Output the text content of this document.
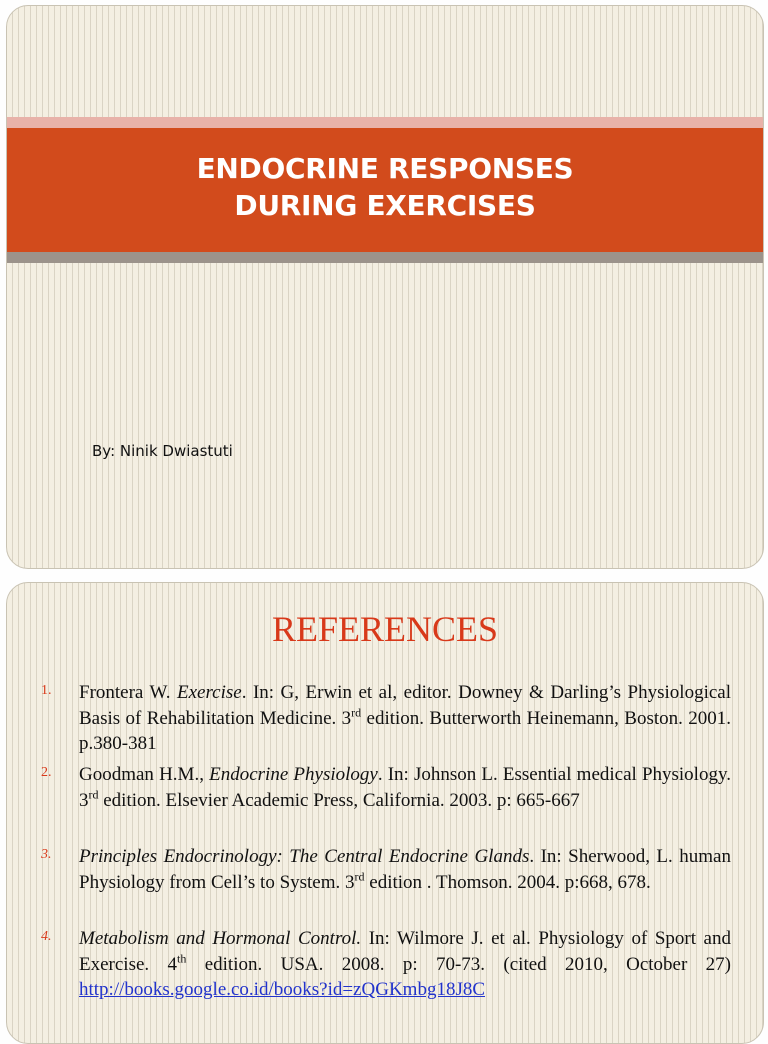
ENDOCRINE RESPONSES
DURING EXERCISES
By: Ninik Dwiastuti
REFERENCES
1. Frontera W. Exercise. In: G, Erwin et al, editor. Downey & Darling’s Physiological Basis of Rehabilitation Medicine. 3rd edition. Butterworth Heinemann, Boston. 2001. p.380-381
2. Goodman H.M., Endocrine Physiology. In: Johnson L. Essential medical Physiology. 3rd edition. Elsevier Academic Press, California. 2003. p: 665-667
3. Principles Endocrinology: The Central Endocrine Glands. In: Sherwood, L. human Physiology from Cell’s to System. 3rd edition . Thomson. 2004. p:668, 678.
4. Metabolism and Hormonal Control. In: Wilmore J. et al. Physiology of Sport and Exercise. 4th edition. USA. 2008. p: 70-73. (cited 2010, October 27) http://books.google.co.id/books?id=zQGKmbg18J8C
